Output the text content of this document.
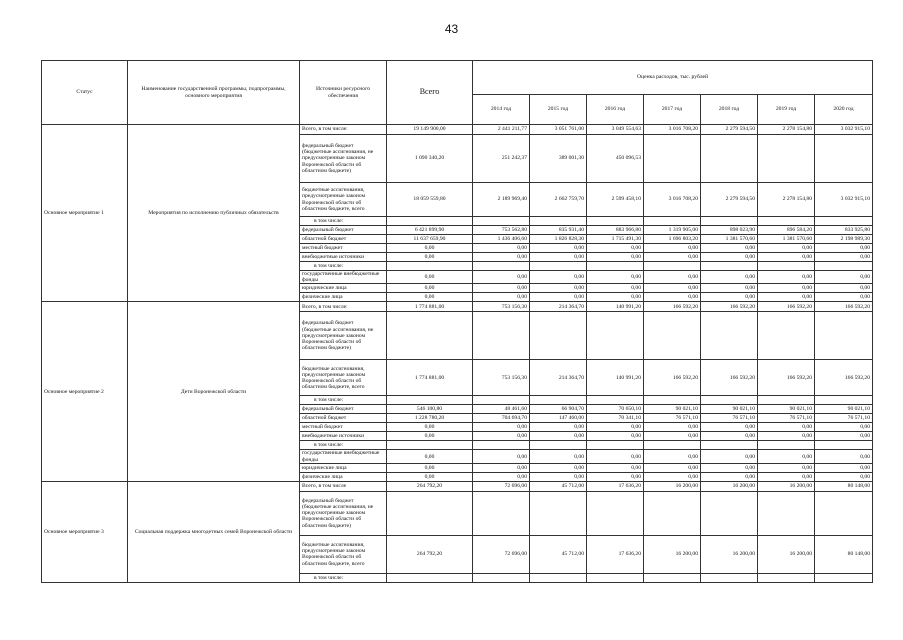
43
Статус	Наименование государственной программы, подпрограммы, основного мероприятия	Источники ресурсного обеспечения	Всего	Оценка расходов, тыс. рублей						
				2014 год	2015 год	2016 год	2017 год	2018 год	2019 год	2020 год
Основное мероприятие 1	Мероприятия по исполнению публичных обязательств	Всего, в том числе:	19 149 900,00	2 441 211,77	3 051 761,00	3 049 554,63	3 016 708,20	2 279 594,50	2 278 154,80	3 032 915,10
		федеральный бюджет (бюджетные ассигнования, не предусмотренные законом Воронежской области об областном бюджете)	1 090 340,20	251 242,37	389 001,30	450 096,53				
		бюджетные ассигнования, предусмотренные законом Воронежской области об областном бюджете, всего	18 059 559,80	2 189 969,40	2 662 759,70	2 599 458,10	3 016 708,20	2 279 594,50	2 278 154,80	3 032 915,10
		в том числе:								
		федеральный бюджет	6 421 899,90	753 562,80	835 931,40	883 966,80	1 319 905,00	898 023,90	896 584,20	833 925,80
		областной бюджет	11 637 659,90	1 436 406,60	1 826 828,30	1 715 491,30	1 696 803,20	1 381 570,60	1 381 570,60	2 198 989,30
		местный бюджет	0,00	0,00	0,00	0,00	0,00	0,00	0,00	0,00
		внебюджетные источники	0,00	0,00	0,00	0,00	0,00	0,00	0,00	0,00
		в том числе:								
		государственные внебюджетные фонды	0,00	0,00	0,00	0,00	0,00	0,00	0,00	0,00
		юридические лица	0,00	0,00	0,00	0,00	0,00	0,00	0,00	0,00
		физические лица	0,00	0,00	0,00	0,00	0,00	0,00	0,00	0,00
Основное мероприятие 2	Дети Воронежской области	Всего, в том числе:	1 774 881,00	753 156,30	214 364,70	140 991,20	166 592,20	166 592,20	166 592,20	166 592,20
		федеральный бюджет (бюджетные ассигнования, не предусмотренные законом Воронежской области об областном бюджете)								
		бюджетные ассигнования, предусмотренные законом Воронежской области об областном бюджете, всего	1 774 881,00	753 156,30	214 364,70	140 991,20	166 592,20	166 592,20	166 592,20	166 592,20
		в том числе:								
		федеральный бюджет	546 100,80	48 461,60	66 904,70	70 650,10	90 021,10	90 021,10	90 021,10	90 021,10
		областной бюджет	1 228 780,20	704 694,70	147 460,00	70 341,10	76 571,10	76 571,10	76 571,10	76 571,10
		местный бюджет	0,00	0,00	0,00	0,00	0,00	0,00	0,00	0,00
		внебюджетные источники	0,00	0,00	0,00	0,00	0,00	0,00	0,00	0,00
		в том числе:								
		государственные внебюджетные фонды	0,00	0,00	0,00	0,00	0,00	0,00	0,00	0,00
		юридические лица	0,00	0,00	0,00	0,00	0,00	0,00	0,00	0,00
		физические лица	0,00	0,00	0,00	0,00	0,00	0,00	0,00	0,00
Основное мероприятие 3	Социальная поддержка многодетных семей Воронежской области	Всего, в том числе	264 792,20	72 696,00	45 712,00	17 636,20	16 200,00	16 200,00	16 200,00	80 148,00
		федеральный бюджет (бюджетные ассигнования, не предусмотренные законом Воронежской области об областном бюджете)								
		бюджетные ассигнования, предусмотренные законом Воронежской области об областном бюджете, всего	264 792,20	72 696,00	45 712,00	17 636,20	16 200,00	16 200,00	16 200,00	80 148,00
		в том числе:								
